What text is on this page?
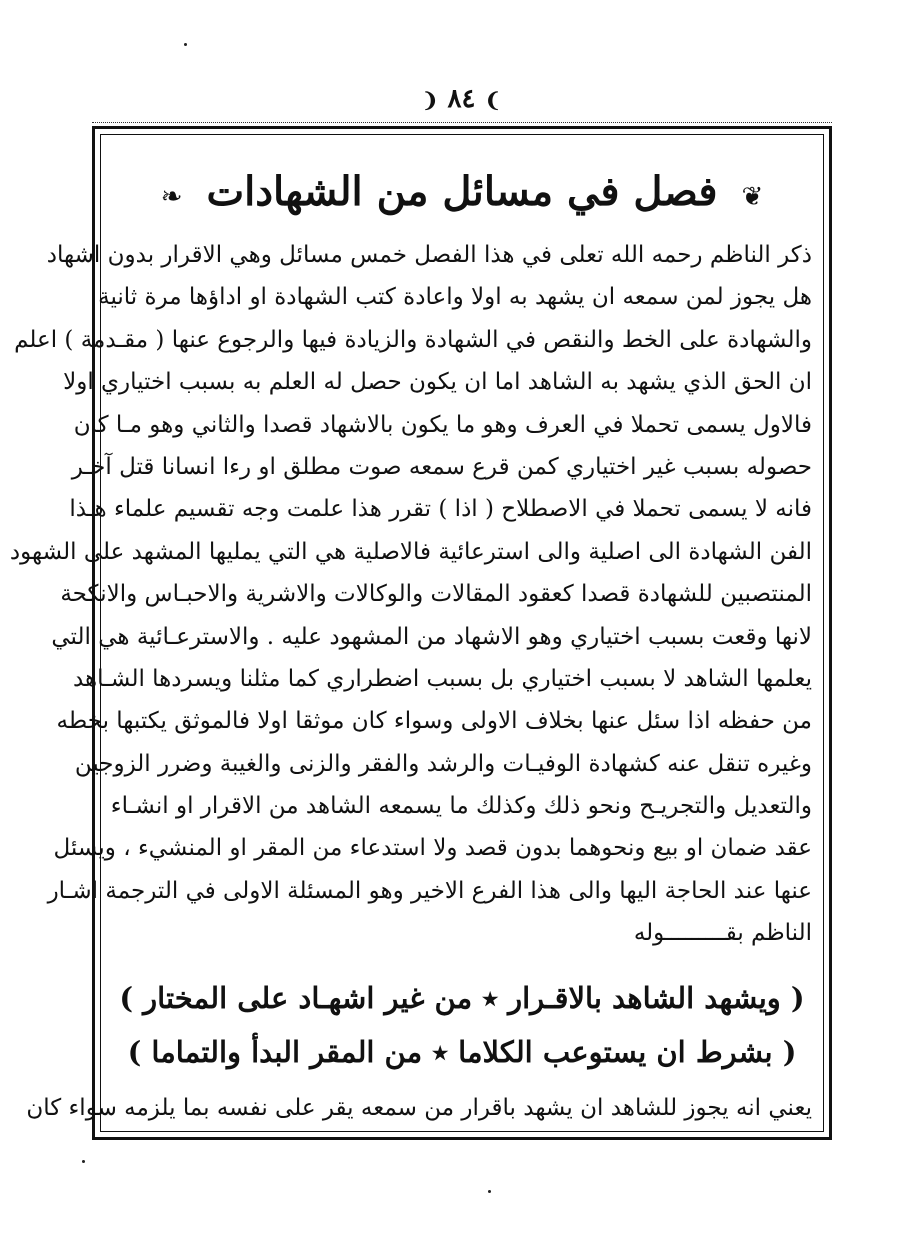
❩ ٨٤ ❨
❦ فصل في مسائل من الشهادات ❧
ذكر الناظم رحمه الله تعلى في هذا الفصل خمس مسائل وهي الاقرار بدون اشهاد
هل يجوز لمن سمعه ان يشهد به اولا واعادة كتب الشهادة او اداؤها مرة ثانية
والشهادة على الخط والنقص في الشهادة والزيادة فيها والرجوع عنها ( مقـدمة ) اعلم
ان الحق الذي يشهد به الشاهد اما ان يكون حصل له العلم به بسبب اختياري اولا
فالاول يسمى تحملا في العرف وهو ما يكون بالاشهاد قصدا والثاني وهو مـا كان
حصوله بسبب غير اختياري كمن قرع سمعه صوت مطلق او رءا انسانا قتل آخـر
فانه لا يسمى تحملا في الاصطلاح ( اذا ) تقرر هذا علمت وجه تقسيم علماء هـذا
الفن الشهادة الى اصلية والى استرعائية فالاصلية هي التي يمليها المشهد على الشهود
المنتصبين للشهادة قصدا كعقود المقالات والوكالات والاشرية والاحبـاس والانكحة
لانها وقعت بسبب اختياري وهو الاشهاد من المشهود عليه . والاسترعـائية هي التي
يعلمها الشاهد لا بسبب اختياري بل بسبب اضطراري كما مثلنا ويسردها الشـاهد
من حفظه اذا سئل عنها بخلاف الاولى وسواء كان موثقا اولا فالموثق يكتبها بخطه
وغيره تنقل عنه كشهادة الوفيـات والرشد والفقر والزنى والغيبة وضرر الزوجين
والتعديل والتجريـح ونحو ذلك وكذلك ما يسمعه الشاهد من الاقرار او انشـاء
عقد ضمان او بيع ونحوهما بدون قصد ولا استدعاء من المقر او المنشيء ، ويسئل
عنها عند الحاجة اليها والى هذا الفرع الاخير وهو المسئلة الاولى في الترجمة اشـار
الناظم بقـــــــــوله
( ويشهد الشاهد بالاقـرار ٭ من غير اشهـاد على المختار )
( بشرط ان يستوعب الكلاما ٭ من المقر البدأ والتماما )
يعني انه يجوز للشاهد ان يشهد باقرار من سمعه يقر على نفسه بما يلزمه سواء كان
